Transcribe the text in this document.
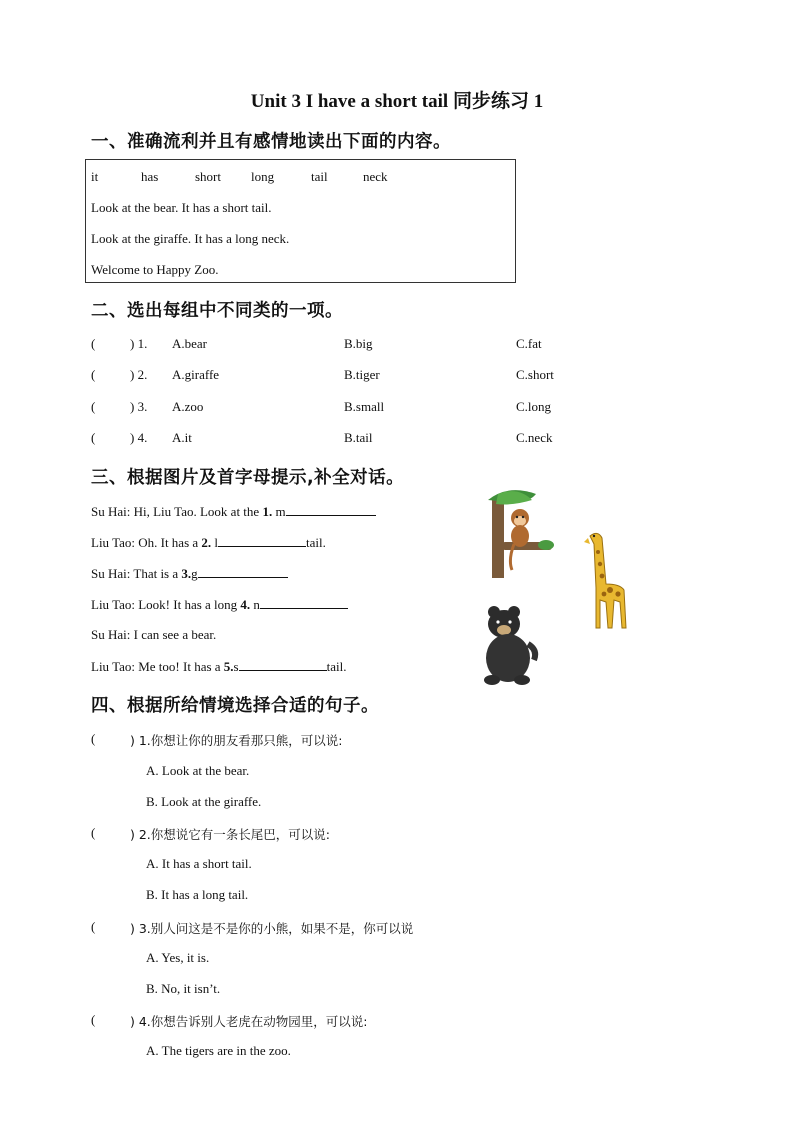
Unit 3 I have a short tail 同步练习 1
一、准确流利并且有感情地读出下面的内容。
it	has	short long	tail	neck
Look at the bear. It has a short tail.
Look at the giraffe. It has a long neck.
Welcome to Happy Zoo.
二、选出每组中不同类的一项。
(	) 1. A.bear	B.big	C.fat
(	) 2. A.giraffe	B.tiger	C.short
(	) 3. A.zoo	B.small	C.long
(	) 4. A.it	B.tail	C.neck
三、根据图片及首字母提示,补全对话。
Su Hai: Hi, Liu Tao. Look at the 1. m
Liu Tao: Oh. It has a 2. l	tail.
Su Hai: That is a 3.g
Liu Tao: Look! It has a long 4. n
Su Hai: I can see a bear.
Liu Tao: Me too! It has a 5.s	tail.
四、根据所给情境选择合适的句子。
(	) 1.你想让你的朋友看那只熊，可以说:
A. Look at the bear.
B. Look at the giraffe.
(	) 2.你想说它有一条长尾巴，可以说:
A. It has a short tail.
B. It has a long tail.
(	) 3.别人问这是不是你的小熊，如果不是，你可以说
A. Yes, it is.
B. No, it isn’t.
(	) 4.你想告诉别人老虎在动物园里，可以说:
A. The tigers are in the zoo.
